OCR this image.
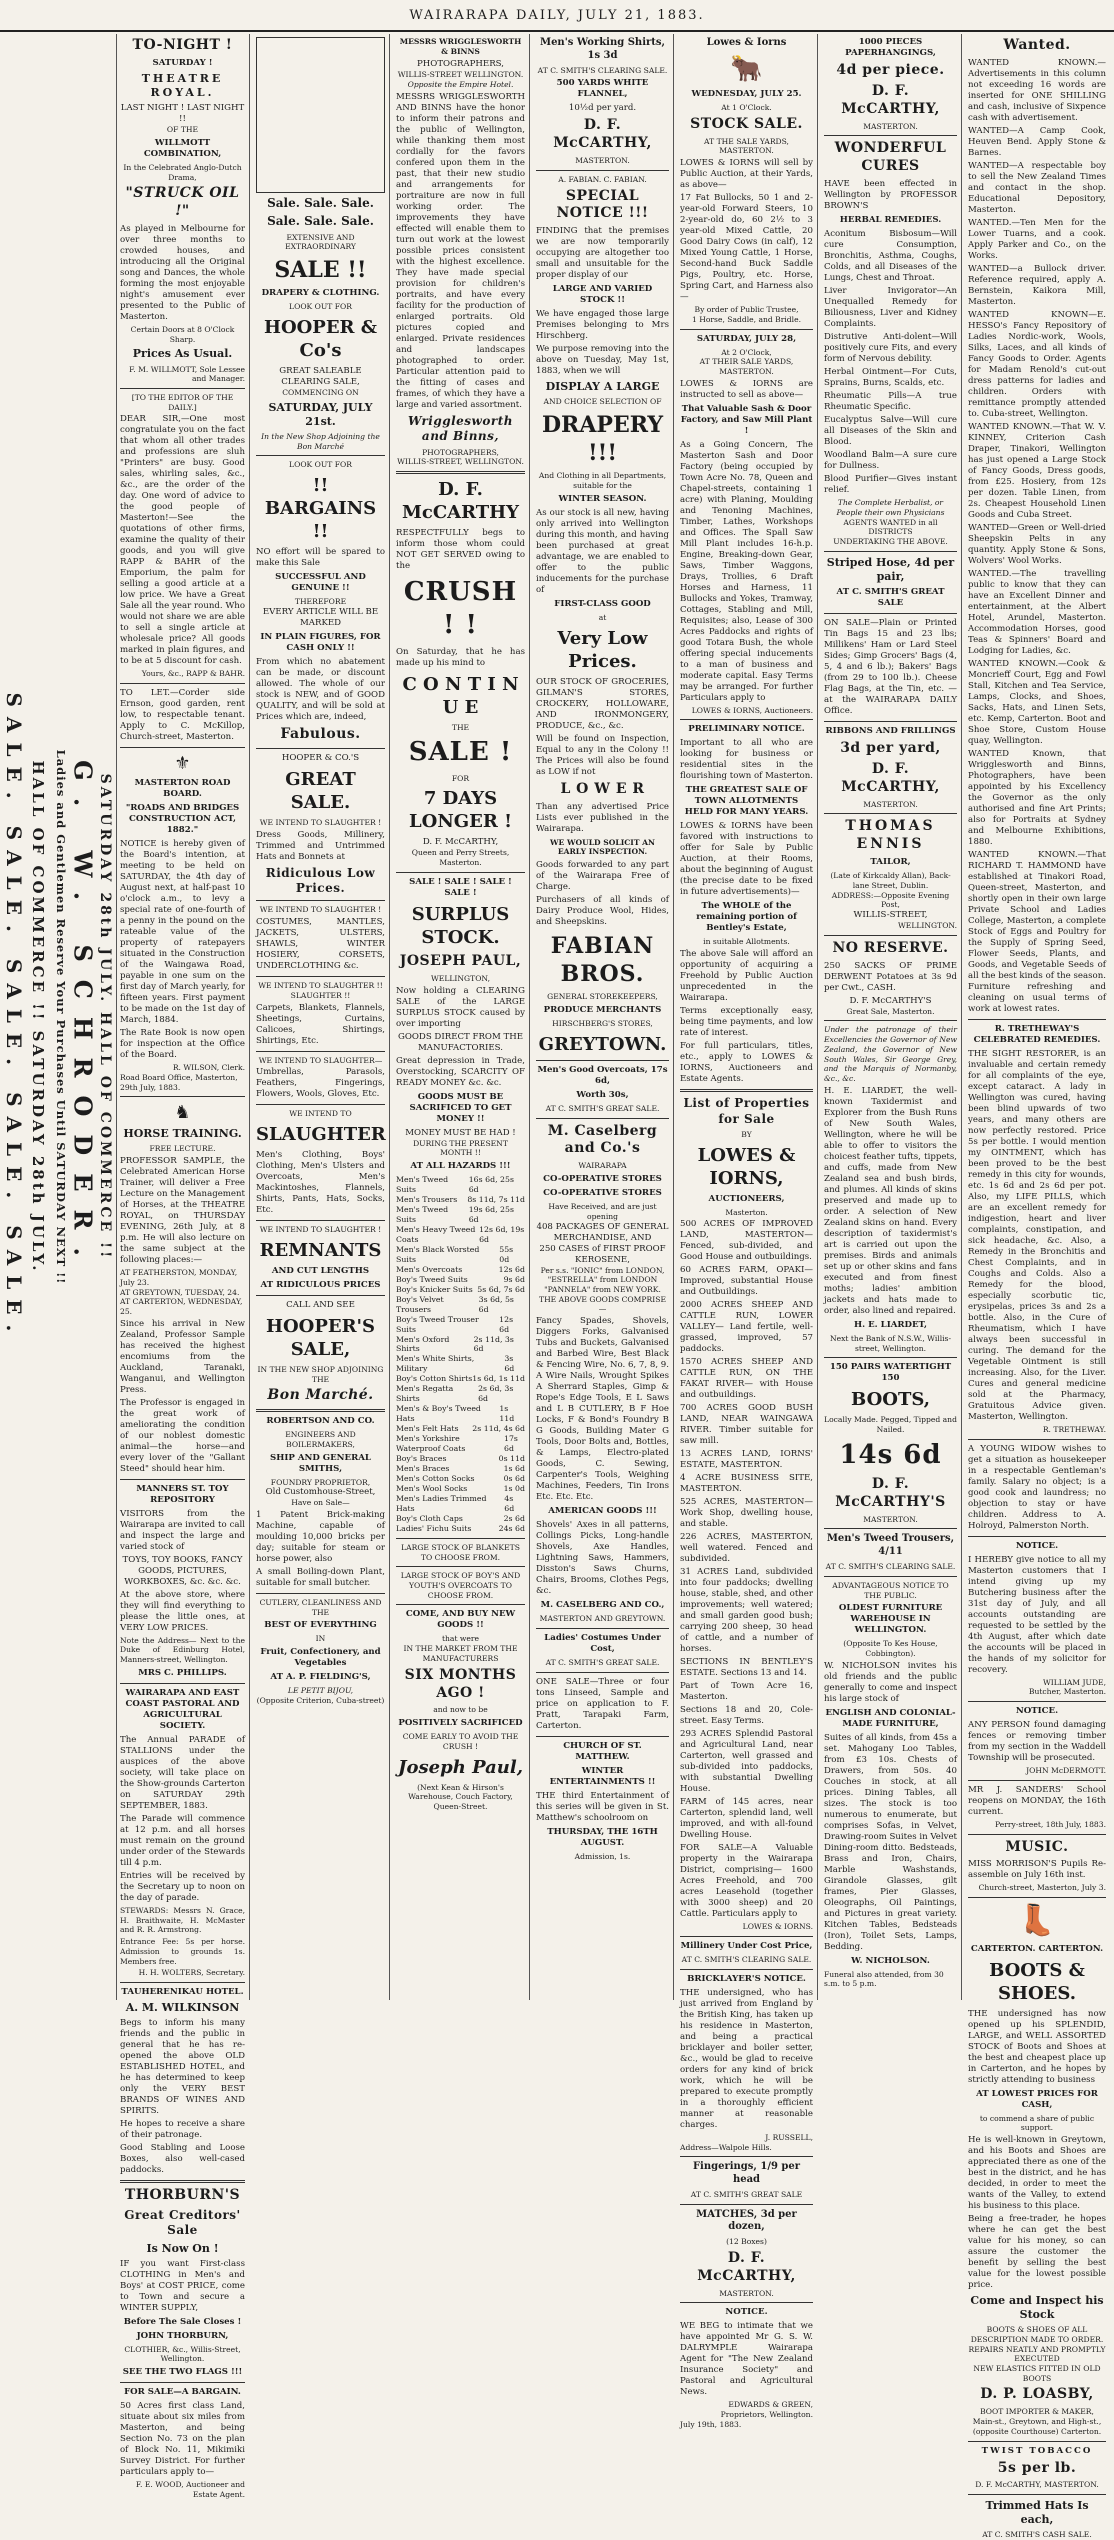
WAIRARAPA DAILY, JULY 21, 1883.
SALE. SALE. SALE. SALE. SALE.
TO-NIGHT !
SATURDAY !
THEATRE ROYAL.
LAST NIGHT ! LAST NIGHT !!
OF THE
WILLMOTT COMBINATION,
In the Celebrated Anglo-Dutch Drama,
"STRUCK OIL !"

As played in Melbourne for over three months to crowded houses, and introducing all the Original song and Dances, the whole forming the most enjoyable night's amusement ever presented to the Public of Masterton.

Certain Doors at 8 O'Clock Sharp.
Prices As Usual.
F. M. WILLMOTT, Sole Lessee and Manager.
[TO THE EDITOR OF THE DAILY.]

DEAR SIR,—One most congratulate you on the fact that whom all other trades and professions are sluh "Printers" are busy. Good sales, whirling sales, &c., &c., are the order of the day. One word of advice to the good people of Masterton!—See the quotations of other firms, examine the quality of their goods, and you will give RAPP & BAHR of the Emporium, the palm for selling a good article at a low price. We have a Great Sale all the year round. Who would not share we are able to sell a single article at wholesale price? All goods marked in plain figures, and to be at 5 discount for cash.

Yours, &c., RAPP & BAHR.

TO LET.—Corder side Ernson, good garden, rent low, to respectable tenant. Apply to C. McKillop, Church-street, Masterton.

⚜
MASTERTON ROAD BOARD.
"ROADS AND BRIDGES CONSTRUCTION ACT, 1882."

NOTICE is hereby given of the Board's intention, at meeting to be held on SATURDAY, the 4th day of August next, at half-past 10 o'clock a.m., to levy a special rate of one-fourth of a penny in the pound on the rateable value of the property of ratepayers situated in the Construction of the Waingawa Road, payable in one sum on the first day of March yearly, for fifteen years. First payment to be made on the 1st day of March, 1884.

The Rate Book is now open for inspection at the Office of the Board.

R. WILSON, Clerk.
Road Board Office, Masterton, 29th July, 1883.
♞
HORSE TRAINING.
FREE LECTURE.

PROFESSOR SAMPLE, the Celebrated American Horse Trainer, will deliver a Free Lecture on the Management of Horses, at the THEATRE ROYAL, on THURSDAY EVENING, 26th July, at 8 p.m. He will also lecture on the same subject at the following places:—

AT FEATHERSTON, MONDAY, July 23.
AT GREYTOWN, TUESDAY, 24.
AT CARTERTON, WEDNESDAY, 25.

Since his arrival in New Zealand, Professor Sample has received the highest encomiums from the Auckland, Taranaki, Wanganui, and Wellington Press.

The Professor is engaged in the great work of ameliorating the condition of our noblest domestic animal—the horse—and every lover of the "Gallant Steed" should hear him.

MANNERS ST. TOY REPOSITORY

VISITORS from the Wairarapa are invited to call and inspect the large and varied stock of

TOYS, TOY BOOKS, FANCY GOODS, PICTURES, WORKBOXES, &c. &c. &c.

At the above store, where they will find everything to please the little ones, at VERY LOW PRICES.

Note the Address— Next to the Duke of Edinburg Hotel, Manners-street, Wellington.

MRS C. PHILLIPS.
WAIRARAPA AND EAST COAST PASTORAL AND AGRICULTURAL SOCIETY.

The Annual PARADE of STALLIONS under the auspices of the above society, will take place on the Show-grounds Carterton on SATURDAY 29th SEPTEMBER, 1883.

The Parade will commence at 12 p.m. and all horses must remain on the ground under order of the Stewards till 4 p.m.

Entries will be received by the Secretary up to noon on the day of parade.

STEWARDS: Messrs N. Grace, H. Braithwaite, H. McMaster and R. R. Armstrong.

Entrance Fee: 5s per horse. Admission to grounds 1s. Members free.

H. H. WOLTERS, Secretary.
TAUHERENIKAU HOTEL.
A. M. WILKINSON

Begs to inform his many friends and the public in general that he has re-opened the above OLD ESTABLISHED HOTEL, and he has determined to keep only the VERY BEST BRANDS OF WINES AND SPIRITS.

He hopes to receive a share of their patronage.

Good Stabling and Loose Boxes, also well-cased paddocks.

THORBURN'S
Great Creditors' Sale
Is Now On !

IF you want First-class CLOTHING in Men's and Boys' at COST PRICE, come to Town and secure a WINTER SUPPLY,

Before The Sale Closes !
JOHN THORBURN,
CLOTHIER, &c., Willis-Street, Wellington.
SEE THE TWO FLAGS !!!
FOR SALE—A BARGAIN.

50 Acres first class Land, situate about six miles from Masterton, and being Section No. 73 on the plan of Block No. 11, Mikimiki Survey District. For further particulars apply to—

F. E. WOOD, Auctioneer and Estate Agent.
HALL OF COMMERCE !! SATURDAY 28th JULY. Ladies and Gentlemen Reserve Your Purchases Until SATURDAY NEXT !! G. W. SCHRODER. SATURDAY 28th JULY. HALL OF COMMERCE !!
Sale. Sale. Sale.
Sale. Sale. Sale.
EXTENSIVE AND EXTRAORDINARY
SALE !!
DRAPERY & CLOTHING.
LOOK OUT FOR
HOOPER & Co's
GREAT SALEABLE
CLEARING SALE,
COMMENCING ON
SATURDAY, JULY 21st.
In the New Shop Adjoining the Bon Marché
LOOK OUT FOR
!! BARGAINS !!

NO effort will be spared to make this Sale

SUCCESSFUL AND GENUINE !!
THEREFORE
EVERY ARTICLE WILL BE MARKED
IN PLAIN FIGURES, FOR CASH ONLY !!

From which no abatement can be made, or discount allowed. The whole of our stock is NEW, and of GOOD QUALITY, and will be sold at Prices which are, indeed,

Fabulous.
HOOPER & CO.'S
GREAT SALE.
WE INTEND TO SLAUGHTER !

Dress Goods, Millinery, Trimmed and Untrimmed Hats and Bonnets at

Ridiculous Low Prices.
WE INTEND TO SLAUGHTER !

COSTUMES, MANTLES, JACKETS, ULSTERS, SHAWLS, WINTER HOSIERY, CORSETS, UNDERCLOTHING &c.

WE INTEND TO SLAUGHTER !! SLAUGHTER !!

Carpets, Blankets, Flannels, Sheetings, Curtains, Calicoes, Shirtings, Shirtings, Etc.

WE INTEND TO SLAUGHTER—

Umbrellas, Parasols, Feathers, Fingerings, Flowers, Wools, Gloves, Etc.

WE INTEND TO
SLAUGHTER

Men's Clothing, Boys' Clothing, Men's Ulsters and Overcoats, Men's Mackintoshes, Flannels, Shirts, Pants, Hats, Socks, Etc.

WE INTEND TO SLAUGHTER !
REMNANTS
AND CUT LENGTHS
AT RIDICULOUS PRICES
CALL AND SEE
HOOPER'S SALE,
IN THE NEW SHOP ADJOINING THE
Bon Marché.
ROBERTSON AND CO.
ENGINEERS AND BOILERMAKERS,
SHIP AND GENERAL SMITHS,
FOUNDRY PROPRIETOR,
Old Customhouse-Street,
Have on Sale—

1 Patent Brick-making Machine, capable of moulding 10,000 bricks per day; suitable for steam or horse power, also

A small Boiling-down Plant, suitable for small butcher.

CUTLERY, CLEANLINESS AND THE
BEST OF EVERYTHING
IN
Fruit, Confectionery, and Vegetables
AT A. P. FIELDING'S,
LE PETIT BIJOU,
(Opposite Criterion, Cuba-street)
MESSRS WRIGGLESWORTH & BINNS
PHOTOGRAPHERS,
WILLIS-STREET WELLINGTON.
Opposite the Empire Hotel.

MESSRS WRIGGLESWORTH AND BINNS have the honor to inform their patrons and the public of Wellington, while thanking them most cordially for the favors confered upon them in the past, that their new studio and arrangements for portraiture are now in full working order. The improvements they have effected will enable them to turn out work at the lowest possible prices consistent with the highest excellence. They have made special provision for children's portraits, and have every facility for the production of enlarged portraits. Old pictures copied and enlarged. Private residences and landscapes photographed to order. Particular attention paid to the fitting of cases and frames, of which they have a large and varied assortment.

Wrigglesworth and Binns,
PHOTOGRAPHERS,
WILLIS-STREET, WELLINGTON.
D. F. McCARTHY

RESPECTFULLY begs to inform those whom could NOT GET SERVED owing to the

CRUSH ! !

On Saturday, that he has made up his mind to

C O N T I N U E
THE
SALE !
FOR
7 DAYS LONGER !
D. F. McCARTHY,
Queen and Perry Streets, Masterton.
SALE ! SALE ! SALE ! SALE !
SURPLUS STOCK.
JOSEPH PAUL,
WELLINGTON,

Now holding a CLEARING SALE of the LARGE SURPLUS STOCK caused by over importing

GOODS DIRECT FROM THE MANUFACTORIES.

Great depression in Trade, Overstocking, SCARCITY OF READY MONEY &c. &c.

GOODS MUST BE SACRIFICED TO GET MONEY !!
MONEY MUST BE HAD !
DURING THE PRESENT MONTH !!
AT ALL HAZARDS !!!
Men's Tweed Suits
16s 6d, 25s 6d
Men's Trousers 8s 11d, 7s 11d
Men's Tweed Suits
19s 6d, 25s 6d
Men's Heavy Tweed Coats
12s 6d, 19s 6d
Men's Black Worsted Suits
55s 0d
Men's Overcoats	12s 6d
Boy's Tweed Suits	9s 6d
Boy's Knicker Suits 5s 6d, 7s 6d
Boy's Velvet Trousers
3s 6d, 5s 6d
Boy's Tweed Trouser Suits
12s 6d
Men's Oxford Shirts
2s 11d, 3s 6d
Men's White Shirts, Military
3s 6d
Boy's Cotton Shirts 1s 6d, 1s 11d
Men's Regatta Shirts
2s 6d, 3s 6d
Men's & Boy's Tweed Hats
1s 11d
Men's Felt Hats 2s 11d, 4s 6d
Men's Yorkshire Waterproof Coats
17s 6d
Boy's Braces	0s 11d
Men's Braces	1s 6d
Men's Cotton Socks	0s 6d
Men's Wool Socks	1s 0d
Men's Ladies Trimmed Hats
4s 6d
Boy's Cloth Caps	2s 6d
Ladies' Fichu Suits	24s 6d
LARGE STOCK OF BLANKETS TO CHOOSE FROM.
LARGE STOCK OF BOY'S AND YOUTH'S OVERCOATS TO CHOOSE FROM.
COME, AND BUY NEW GOODS !!
that were
IN THE MARKET FROM THE MANUFACTURERS
SIX MONTHS AGO !
and now to be
POSITIVELY SACRIFICED
COME EARLY TO AVOID THE CRUSH !
Joseph Paul,
(Next Kean & Hirson's Warehouse, Couch Factory, Queen-Street.
Men's Working Shirts, 1s 3d
AT C. SMITH'S CLEARING SALE.
500 YARDS WHITE FLANNEL,
10½d per yard.
D. F. McCARTHY,
MASTERTON.
A. FABIAN. C. FABIAN.
SPECIAL NOTICE !!!

FINDING that the premises we are now temporarily occupying are altogether too small and unsuitable for the proper display of our

LARGE AND VARIED STOCK !!

We have engaged those large Premises belonging to Mrs Hirschberg.

We purpose removing into the above on Tuesday, May 1st, 1883, when we will

DISPLAY A LARGE
AND CHOICE SELECTION OF
DRAPERY !!!
And Clothing in all Departments, suitable for the
WINTER SEASON.

As our stock is all new, having only arrived into Wellington during this month, and having been purchased at great advantage, we are enabled to offer to the public inducements for the purchase of

FIRST-CLASS GOOD
at
Very Low Prices.

OUR STOCK OF GROCERIES, GILMAN'S STORES, CROCKERY, HOLLOWARE, AND IRONMONGERY, PRODUCE, &c., &c.

Will be found on Inspection, Equal to any in the Colony !! The Prices will also be found as LOW if not

L O W E R

Than any advertised Price Lists ever published in the Wairarapa.

WE WOULD SOLICIT AN EARLY INSPECTION.

Goods forwarded to any part of the Wairarapa Free of Charge.

Purchasers of all kinds of Dairy Produce Wool, Hides, and Sheepskins.

FABIAN BROS.
GENERAL STOREKEEPERS,
PRODUCE MERCHANTS
HIRSCHBERG'S STORES,
GREYTOWN.
Men's Good Overcoats, 17s 6d,
Worth 30s,
AT C. SMITH'S GREAT SALE.
M. Caselberg and Co.'s
WAIRARAPA
CO-OPERATIVE STORES
CO-OPERATIVE STORES
Have Received, and are just opening
408 PACKAGES OF GENERAL MERCHANDISE, AND
250 CASES of FIRST PROOF KEROSENE,
Per s.s. "IONIC" from LONDON,
"ESTRELLA" from LONDON
"PANNELA" from NEW YORK.
THE ABOVE GOODS COMPRISE—

Fancy Spades, Shovels, Diggers Forks, Galvanised Tubs and Buckets, Galvanised and Barbed Wire, Best Black & Fencing Wire, No. 6, 7, 8, 9. A Wire Nails, Wrought Spikes A Sherrard Staples, Gimp & Rope's Edge Tools, E L Saws and L B CUTLERY, B F Hoe Locks, F & Bond's Foundry B G Goods, Building Mater G Tools, Door Bolts and, Bottles, & Lamps, Electro-plated Goods, C. Sewing, Carpenter's Tools, Weighing Machines, Feeders, Tin Irons Etc. Etc. Etc.

AMERICAN GOODS !!!

Shovels' Axes in all patterns, Collings Picks, Long-handle Shovels, Axe Handles, Lightning Saws, Hammers, Disston's Saws Churns, Chairs, Brooms, Clothes Pegs, &c.

M. CASELBERG AND CO.,
MASTERTON AND GREYTOWN.
Ladies' Costumes Under Cost,
AT C. SMITH'S GREAT SALE.

ONE SALE—Three or four tons Linseed, Sample and price on application to F. Pratt, Tarapaki Farm, Carterton.

CHURCH OF ST. MATTHEW.
WINTER ENTERTAINMENTS !!

THE third Entertainment of this series will be given in St. Matthew's schoolroom on

THURSDAY, THE 16TH AUGUST.
Admission, 1s.
Lowes & Iorns
🐂
WEDNESDAY, JULY 25.
At 1 O'Clock.
STOCK SALE.
AT THE SALE YARDS, MASTERTON.

LOWES & IORNS will sell by Public Auction, at their Yards, as above—

17 Fat Bullocks, 50 1 and 2-year-old Forward Steers, 10 2-year-old do, 60 2½ to 3 year-old Mixed Cattle, 20 Good Dairy Cows (in calf), 12 Mixed Young Cattle, 1 Horse, Second-hand Buck Saddle Pigs, Poultry, etc. Horse, Spring Cart, and Harness also—

By order of Public Trustee,
1 Horse, Saddle, and Bridle.
SATURDAY, JULY 28,
At 2 O'Clock,
AT THEIR SALE YARDS, MASTERTON.

LOWES & IORNS are instructed to sell as above—

That Valuable Sash & Door Factory, and Saw Mill Plant !

As a Going Concern, The Masterton Sash and Door Factory (being occupied by Town Acre No. 78, Queen and Chapel-streets, containing 1 acre) with Planing, Moulding and Tenoning Machines, Timber, Lathes, Workshops and Offices. The Spall Saw Mill Plant includes 16-h.p. Engine, Breaking-down Gear, Saws, Timber Waggons, Drays, Trollies, 6 Draft Horses and Harness, 11 Bullocks and Yokes, Tramway, Cottages, Stabling and Mill, Requisites; also, Lease of 300 Acres Paddocks and rights of good Totara Bush, the whole offering special inducements to a man of business and moderate capital. Easy Terms may be arranged. For further Particulars apply to

LOWES & IORNS, Auctioneers.
PRELIMINARY NOTICE.

Important to all who are looking for business or residential sites in the flourishing town of Masterton.

THE GREATEST SALE OF TOWN ALLOTMENTS HELD FOR MANY YEARS.

LOWES & IORNS have been favored with instructions to offer for Sale by Public Auction, at their Rooms, about the beginning of August (the precise date to be fixed in future advertisements)—

The WHOLE of the remaining portion of Bentley's Estate,
in suitable Allotments.

The above Sale will afford an opportunity of acquiring a Freehold by Public Auction unprecedented in the Wairarapa.

Terms exceptionally easy, being time payments, and low rate of interest.

For full particulars, titles, etc., apply to LOWES & IORNS, Auctioneers and Estate Agents.

List of Properties for Sale
BY
LOWES & IORNS,
AUCTIONEERS,
Masterton.

500 ACRES OF IMPROVED LAND, MASTERTON— Fenced, sub-divided, and Good House and outbuildings.

60 ACRES FARM, OPAKI— Improved, substantial House and Outbuildings.

2000 ACRES SHEEP AND CATTLE RUN, LOWER VALLEY— Land fertile, well-grassed, improved, 57 paddocks.

1570 ACRES SHEEP AND CATTLE RUN, ON THE FAKAT RIVER— with House and outbuildings.

700 ACRES GOOD BUSH LAND, NEAR WAINGAWA RIVER. Timber suitable for saw mill.

13 ACRES LAND, IORNS' ESTATE, MASTERTON.

4 ACRE BUSINESS SITE, MASTERTON.

525 ACRES, MASTERTON— Work Shop, dwelling house, and stable.

226 ACRES, MASTERTON, well watered. Fenced and subdivided.

31 ACRES Land, subdivided into four paddocks; dwelling house, stable, shed, and other improvements; well watered; and small garden good bush; carrying 200 sheep, 30 head of cattle, and a number of horses.

SECTIONS IN BENTLEY'S ESTATE. Sections 13 and 14.

Part of Town Acre 16, Masterton.

Sections 18 and 20, Cole-street. Easy Terms.

293 ACRES Splendid Pastoral and Agricultural Land, near Carterton, well grassed and sub-divided into paddocks, with substantial Dwelling House.

FARM of 145 acres, near Carterton, splendid land, well improved, and with all-found Dwelling House.

FOR SALE—A Valuable property in the Wairarapa District, comprising— 1600 Acres Freehold, and 700 acres Leasehold (together with 3000 sheep) and 20 Cattle. Particulars apply to

LOWES & IORNS.
Millinery Under Cost Price,
AT C. SMITH'S CLEARING SALE.
BRICKLAYER'S NOTICE.

THE undersigned, who has just arrived from England by the British King, has taken up his residence in Masterton, and being a practical bricklayer and boiler setter, &c., would be glad to receive orders for any kind of brick work, which he will be prepared to execute promptly in a thoroughly efficient manner at reasonable charges.

J. RUSSELL,
Address—Walpole Hills.
Fingerings, 1/9 per head
AT C. SMITH'S GREAT SALE
MATCHES, 3d per dozen,
(12 Boxes)
D. F. McCARTHY,
MASTERTON.
NOTICE.

WE BEG to intimate that we have appointed Mr G. S. W. DALRYMPLE Wairarapa Agent for "The New Zealand Insurance Society" and Pastoral and Agricultural News.

EDWARDS & GREEN,
Proprietors, Wellington.
July 19th, 1883.
1000 PIECES PAPERHANGINGS,
4d per piece.
D. F. McCARTHY,
MASTERTON.
WONDERFUL CURES

HAVE been effected in Wellington by PROFESSOR BROWN'S

HERBAL REMEDIES.

Aconitum Bisbosum—Will cure Consumption, Bronchitis, Asthma, Coughs, Colds, and all Diseases of the Lungs, Chest and Throat.

Liver Invigorator—An Unequalled Remedy for Biliousness, Liver and Kidney Complaints.

Distrutive Anti-dolent—Will positively cure Fits, and every form of Nervous debility.

Herbal Ointment—For Cuts, Sprains, Burns, Scalds, etc.

Rheumatic Pills—A true Rheumatic Specific.

Eucalyptus Salve—Will cure all Diseases of the Skin and Blood.

Woodland Balm—A sure cure for Dullness.

Blood Purifier—Gives instant relief.

The Complete Herbalist, or People their own Physicians
AGENTS WANTED in all DISTRICTS
UNDERTAKING THE ABOVE.
Striped Hose, 4d per pair,
AT C. SMITH'S GREAT SALE

ON SALE—Plain or Printed Tin Bags 15 and 23 lbs; Millikens' Ham or Lard Steel Sides; Gimp Grocers' Bags (4, 5, 4 and 6 lb.); Bakers' Bags (from 29 to 100 lb.). Cheese Flag Bags, at the Tin, etc. — at the WAIRARAPA DAILY Office.

RIBBONS AND FRILLINGS
3d per yard,
D. F. McCARTHY,
MASTERTON.
THOMAS ENNIS
TAILOR,
(Late of Kirkcaldy Allan), Back-lane Street, Dublin.
ADDRESS:—Opposite Evening Post,
WILLIS-STREET,
WELLINGTON.
NO RESERVE.

250 SACKS OF PRIME DERWENT Potatoes at 3s 9d per Cwt., CASH.

D. F. McCARTHY'S
Great Sale, Masterton.

Under the patronage of their Excellencies the Governor of New Zealand, the Governor of New South Wales, Sir George Grey, and the Marquis of Normanby, &c., &c.

H. E. LIARDET, the well-known Taxidermist and Explorer from the Bush Runs of New South Wales, Wellington, where he will be able to offer to visitors the choicest feather tufts, tippets, and cuffs, made from New Zealand sea and bush birds, and plumes. All kinds of skins preserved and made up to order. A selection of New Zealand skins on hand. Every description of taxidermist's art is carried out upon the premises. Birds and animals set up or other skins and fans executed and from finest moths; ladies' ambition jackets and hats made to order, also lined and repaired.

H. E. LIARDET,
Next the Bank of N.S.W., Willis-street, Wellington.
150 PAIRS WATERTIGHT 150
BOOTS,
Locally Made. Pegged, Tipped and Nailed.
14s 6d
D. F. McCARTHY'S
MASTERTON.
Men's Tweed Trousers, 4/11
AT C. SMITH'S CLEARING SALE.
ADVANTAGEOUS NOTICE TO THE PUBLIC.
OLDEST FURNITURE WAREHOUSE IN WELLINGTON.
(Opposite To Kes House, Cobbington).

W. NICHOLSON invites his old friends and the public generally to come and inspect his large stock of

ENGLISH AND COLONIAL-MADE FURNITURE,

Suites of all kinds, from 45s a set. Mahogany Loo Tables, from £3 10s. Chests of Drawers, from 50s. 40 Couches in stock, at all prices. Dining Tables, all sizes. The stock is too numerous to enumerate, but comprises Sofas, in Velvet, Drawing-room Suites in Velvet Dining-room ditto. Bedsteads, Brass and Iron, Chairs, Marble Washstands, Girandole Glasses, gilt frames, Pier Glasses, Oleographs, Oil Paintings, and Pictures in great variety. Kitchen Tables, Bedsteads (Iron), Toilet Sets, Lamps, Bedding.

W. NICHOLSON.
Funeral also attended, from 30 s.m. to 5 p.m.
Wanted.

WANTED KNOWN.—Advertisements in this column not exceeding 16 words are inserted for ONE SHILLING and cash, inclusive of Sixpence cash with advertisement.

WANTED—A Camp Cook, Heuven Bend. Apply Stone & Barnes.

WANTED—A respectable boy to sell the New Zealand Times and contact in the shop. Educational Depository, Masterton.

WANTED.—Ten Men for the Lower Tuarns, and a cook. Apply Parker and Co., on the Works.

WANTED—a Bullock driver. Reference required, apply A. Bernstein, Kaikora Mill, Masterton.

WANTED KNOWN—E. HESSO's Fancy Repository of Ladies Nordic-work, Wools, Silks, Laces, and all kinds of Fancy Goods to Order. Agents for Madam Renold's cut-out dress patterns for ladies and children. Orders with remittance promptly attended to. Cuba-street, Wellington.

WANTED KNOWN.—That W. V. KINNEY, Criterion Cash Draper, Tinakori, Wellington has just opened a Large Stock of Fancy Goods, Dress goods, from £25. Hosiery, from 12s per dozen. Table Linen, from 2s. Cheapest Household Linen Goods and Cuba Street.

WANTED—Green or Well-dried Sheepskin Pelts in any quantity. Apply Stone & Sons, Wolvers' Wool Works.

WANTED.—The travelling public to know that they can have an Excellent Dinner and entertainment, at the Albert Hotel, Arundel, Masterton. Accommodation Horses, good Teas & Spinners' Board and Lodging for Ladies, &c.

WANTED KNOWN.—Cook & Moncrieff Court, Egg and Fowl Stall, Kitchen and Tea Service, Lamps, Clocks, and Shoes, Sacks, Hats, and Linen Sets, etc. Kemp, Carterton. Boot and Shoe Store, Custom House quay, Wellington.

WANTED Known, that Wrigglesworth and Binns, Photographers, have been appointed by his Excellency the Governor as the only authorised and fine Art Prints; also for Portraits at Sydney and Melbourne Exhibitions, 1880.

WANTED KNOWN.—That RICHARD T. HAMMOND have established at Tinakori Road, Queen-street, Masterton, and shortly open in their own large Private School and Ladies College, Masterton, a complete Stock of Eggs and Poultry for the Supply of Spring Seed, Flower Seeds, Plants, and Goods, and Vegetable Seeds of all the best kinds of the season. Furniture refreshing and cleaning on usual terms of work at lowest rates.

R. TRETHEWAY'S CELEBRATED REMEDIES.

THE SIGHT RESTORER, is an invaluable and certain remedy for all complaints of the eye, except cataract. A lady in Wellington was cured, having been blind upwards of two years, and many others are now perfectly restored. Price 5s per bottle. I would mention my OINTMENT, which has been proved to be the best remedy in this city for wounds, etc. 1s 6d and 2s 6d per pot. Also, my LIFE PILLS, which are an excellent remedy for indigestion, heart and liver complaints, constipation, and sick headache, &c. Also, a Remedy in the Bronchitis and Chest Complaints, and in Coughs and Colds. Also a Remedy for the blood, especially scorbutic tic, erysipelas, prices 3s and 2s a bottle. Also, in the Cure of Rheumatism, which I have always been successful in curing. The demand for the Vegetable Ointment is still increasing. Also, for the Liver. Cures and general medicine sold at the Pharmacy, Gratuitous Advice given. Masterton, Wellington.

R. TRETHEWAY.

A YOUNG WIDOW wishes to get a situation as housekeeper in a respectable Gentleman's family. Salary no object; is a good cook and laundress; no objection to stay or have children. Address to A. Holroyd, Palmerston North.

NOTICE.

I HEREBY give notice to all my Masterton customers that I intend giving up my Butchering business after the 31st day of July, and all accounts outstanding are requested to be settled by the 4th August, after which date the accounts will be placed in the hands of my solicitor for recovery.

WILLIAM JUDE,
Butcher, Masterton.
NOTICE.

ANY PERSON found damaging fences or removing timber from my section in the Waddell Township will be prosecuted.

JOHN McDERMOTT.

MR J. SANDERS' School reopens on MONDAY, the 16th current.

Perry-street, 18th July, 1883.
MUSIC.

MISS MORRISON'S Pupils Re-assemble on July 16th inst.

Church-street, Masterton, July 3.
👢
CARTERTON. CARTERTON.
BOOTS & SHOES.

THE undersigned has now opened up his SPLENDID, LARGE, and WELL ASSORTED STOCK of Boots and Shoes at the best and cheapest place up in Carterton, and he hopes by strictly attending to business

AT LOWEST PRICES FOR CASH,
to commend a share of public support.

He is well-known in Greytown, and his Boots and Shoes are appreciated there as one of the best in the district, and he has decided, in order to meet the wants of the Valley, to extend his business to this place.

Being a free-trader, he hopes where he can get the best value for his money, so can assure the customer the benefit by selling the best value for the lowest possible price.

Come and Inspect his Stock
BOOTS & SHOES OF ALL DESCRIPTION MADE TO ORDER.
REPAIRS NEATLY AND PROMPTLY EXECUTED
NEW ELASTICS FITTED IN OLD BOOTS
D. P. LOASBY,
BOOT IMPORTER & MAKER,
Main-st., Greytown, and High-st., (opposite Courthouse) Carterton.
TWIST TOBACCO
5s per lb.
D. F. McCARTHY, MASTERTON.
Trimmed Hats Is each,
AT C. SMITH'S CASH SALE.
